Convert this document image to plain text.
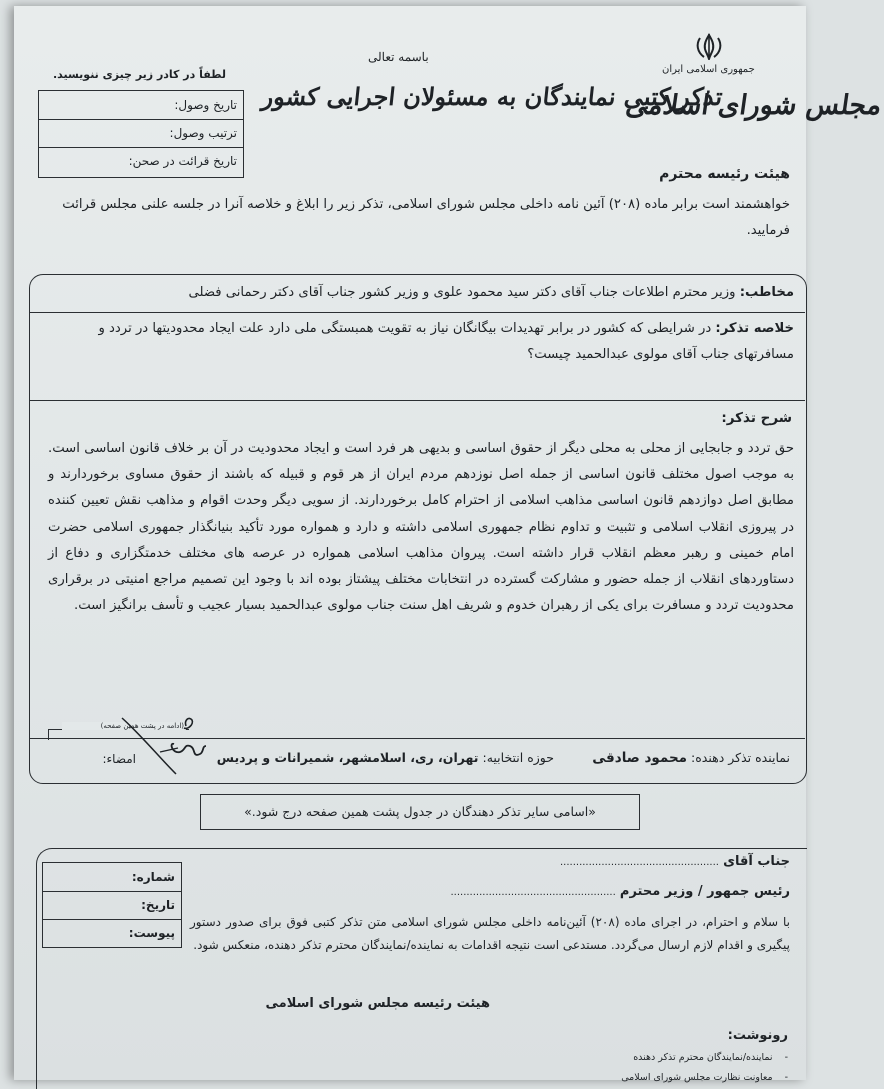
باسمه تعالی
تذکر کتبی نمایندگان به مسئولان اجرایی کشور
جمهوری اسلامی ایران
مجلس شورای اسلامی
لطفاً در کادر زیر چیزی ننویسید.
تاریخ وصول:
ترتیب وصول:
تاریخ قرائت در صحن:
هیئت رئیسه محترم
خواهشمند است برابر ماده (۲۰۸) آئین نامه داخلی مجلس شورای اسلامی، تذکر زیر را ابلاغ و خلاصه آنرا در جلسه علنی مجلس قرائت فرمایید.
مخاطب: وزیر محترم اطلاعات جناب آقای دکتر سید محمود علوی و وزیر کشور جناب آقای دکتر رحمانی فضلی
خلاصه تذکر: در شرایطی که کشور در برابر تهدیدات بیگانگان نیاز به تقویت همبستگی ملی دارد علت ایجاد محدودیتها در تردد و مسافرتهای جناب آقای مولوی عبدالحمید چیست؟
شرح تذکر:
حق تردد و جابجایی از محلی به محلی دیگر از حقوق اساسی و بدیهی هر فرد است و ایجاد محدودیت در آن بر خلاف قانون اساسی است. به موجب اصول مختلف قانون اساسی از جمله اصل نوزدهم مردم ایران از هر قوم و قبیله که باشند از حقوق مساوی برخوردارند و مطابق اصل دوازدهم قانون اساسی مذاهب اسلامی از احترام کامل برخوردارند. از سویی دیگر وحدت اقوام و مذاهب نقش تعیین کننده در پیروزی انقلاب اسلامی و تثبیت و تداوم نظام جمهوری اسلامی داشته و دارد و همواره مورد تأکید بنیانگذار جمهوری اسلامی حضرت امام خمینی و رهبر معظم انقلاب قرار داشته است. پیروان مذاهب اسلامی همواره در عرصه های مختلف خدمتگزاری و دفاع از دستاوردهای انقلاب از جمله حضور و مشارکت گسترده در انتخابات مختلف پیشتاز بوده اند با وجود این تصمیم مراجع امنیتی در برقراری محدودیت تردد و مسافرت برای یکی از رهبران خدوم و شریف اهل سنت جناب مولوی عبدالحمید بسیار عجیب و تأسف برانگیز است.
(ادامه در پشت همین صفحه)
نماینده تذکر دهنده: محمود صادقی
حوزه انتخابیه: تهران، ری، اسلامشهر، شمیرانات و پردیس
امضاء:
«اسامی سایر تذکر دهندگان در جدول پشت همین صفحه درج شود.»
شماره:
تاریخ:
پیوست:
جناب آقای ..................................................
رئیس جمهور / وزیر محترم ....................................................
با سلام و احترام، در اجرای ماده (۲۰۸) آئین‌نامه داخلی مجلس شورای اسلامی متن تذکر کتبی فوق برای صدور دستور پیگیری و اقدام لازم ارسال می‌گردد. مستدعی است نتیجه اقدامات به نماینده/نمایندگان محترم تذکر دهنده، منعکس شود.
هیئت رئیسه مجلس شورای اسلامی
رونوشت:
-نماینده/نمایندگان محترم تذکر دهنده
-معاونت نظارت مجلس شورای اسلامی
